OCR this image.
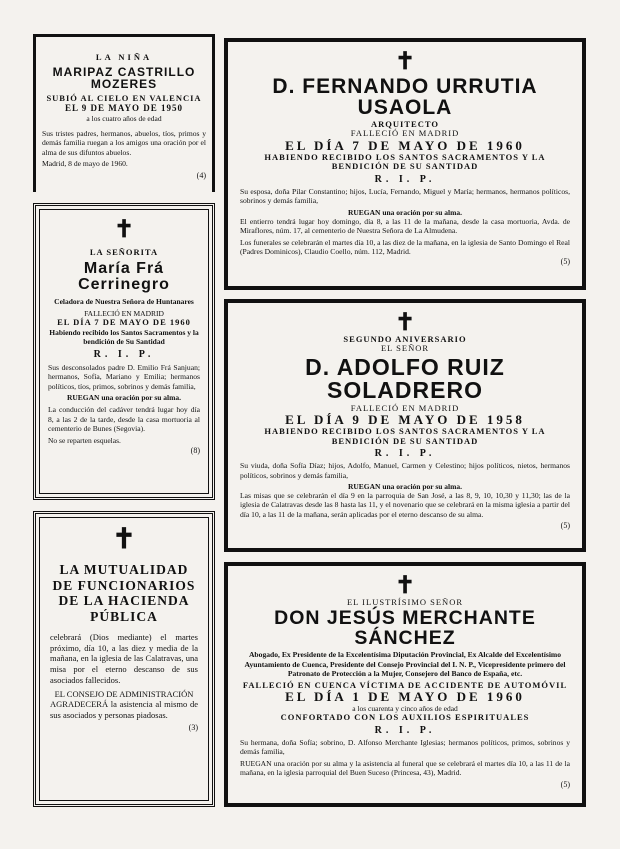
LA NIÑA
MARIPAZ CASTRILLO MOZERES
SUBIÓ AL CIELO EN VALENCIA
EL 9 DE MAYO DE 1950
a los cuatro años de edad
Sus tristes padres, hermanos, abuelos, tíos, primos y demás familia ruegan a los amigos una oración por el alma de sus difuntos abuelos.
Madrid, 8 de mayo de 1960.
(4)
✝
LA SEÑORITA
María Frá Cerrinegro
Celadora de Nuestra Señora de Huntanares
FALLECIÓ EN MADRID
EL DÍA 7 DE MAYO DE 1960
Habiendo recibido los Santos Sacramentos y la bendición de Su Santidad
R. I. P.
Sus desconsolados padre D. Emilio Frá Sanjuan; hermanos, Sofía, Mariano y Emilia; hermanos políticos, tíos, primos, sobrinos y demás familia,
RUEGAN una oración por su alma.
La conducción del cadáver tendrá lugar hoy día 8, a las 2 de la tarde, desde la casa mortuoria al cementerio de Bunes (Segovia).
No se reparten esquelas.
(8)
✝
LA MUTUALIDAD DE FUNCIONARIOS DE LA HACIENDA PÚBLICA
celebrará (Dios mediante) el martes próximo, día 10, a las diez y media de la mañana, en la iglesia de las Calatravas, una misa por el eterno descanso de sus asociados fallecidos.
EL CONSEJO DE ADMINISTRACIÓN
AGRADECERÁ la asistencia al mismo de sus asociados y personas piadosas.
(3)
✝
D. FERNANDO URRUTIA USAOLA
ARQUITECTO
FALLECIÓ EN MADRID
EL DÍA 7 DE MAYO DE 1960
HABIENDO RECIBIDO LOS SANTOS SACRAMENTOS Y LA BENDICIÓN DE SU SANTIDAD
R. I. P.
Su esposa, doña Pilar Constantino; hijos, Lucía, Fernando, Miguel y María; hermanos, hermanos políticos, sobrinos y demás familia,
RUEGAN una oración por su alma.
El entierro tendrá lugar hoy domingo, día 8, a las 11 de la mañana, desde la casa mortuoria, Avda. de Miraflores, núm. 17, al cementerio de Nuestra Señora de La Almudena.
Los funerales se celebrarán el martes día 10, a las diez de la mañana, en la iglesia de Santo Domingo el Real (Padres Dominicos), Claudio Coello, núm. 112, Madrid.
(5)
✝
SEGUNDO ANIVERSARIO
EL SEÑOR
D. ADOLFO RUIZ SOLADRERO
FALLECIÓ EN MADRID
EL DÍA 9 DE MAYO DE 1958
HABIENDO RECIBIDO LOS SANTOS SACRAMENTOS Y LA BENDICIÓN DE SU SANTIDAD
R. I. P.
Su viuda, doña Sofía Díaz; hijos, Adolfo, Manuel, Carmen y Celestino; hijos políticos, nietos, hermanos políticos, sobrinos y demás familia,
RUEGAN una oración por su alma.
Las misas que se celebrarán el día 9 en la parroquia de San José, a las 8, 9, 10, 10,30 y 11,30; las de la iglesia de Calatravas desde las 8 hasta las 11, y el novenario que se celebrará en la misma iglesia a partir del día 10, a las 11 de la mañana, serán aplicadas por el eterno descanso de su alma.
(5)
✝
EL ILUSTRÍSIMO SEÑOR
DON JESÚS MERCHANTE SÁNCHEZ
Abogado, Ex Presidente de la Excelentísima Diputación Provincial, Ex Alcalde del Excelentísimo Ayuntamiento de Cuenca, Presidente del Consejo Provincial del I. N. P., Vicepresidente primero del Patronato de Protección a la Mujer, Consejero del Banco de España, etc.
FALLECIÓ EN CUENCA VÍCTIMA DE ACCIDENTE DE AUTOMÓVIL
EL DÍA 1 DE MAYO DE 1960
a los cuarenta y cinco años de edad
CONFORTADO CON LOS AUXILIOS ESPIRITUALES
R. I. P.
Su hermana, doña Sofía; sobrino, D. Alfonso Merchante Iglesias; hermanos políticos, primos, sobrinos y demás familia,
RUEGAN una oración por su alma y la asistencia al funeral que se celebrará el martes día 10, a las 11 de la mañana, en la iglesia parroquial del Buen Suceso (Princesa, 43), Madrid.
(5)
